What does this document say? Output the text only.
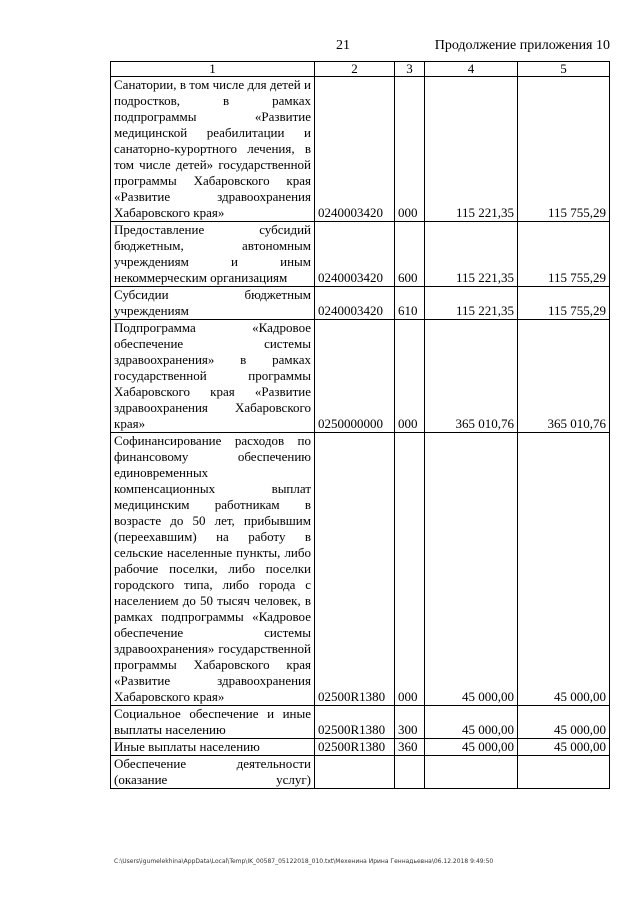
21	Продолжение приложения 10
1	2	3	4	5
Санатории, в том числе для детей и подростков, в рамках подпрограммы «Развитие медицинской реабилитации и санаторно-курортного лечения, в том числе детей» государственной программы Хабаровского края «Развитие здравоохранения Хабаровского края»	0240003420	000	115 221,35	115 755,29
Предоставление субсидий бюджетным, автономным учреждениям и иным некоммерческим организациям	0240003420	600	115 221,35	115 755,29
Субсидии бюджетным учреждениям	0240003420	610	115 221,35	115 755,29
Подпрограмма «Кадровое обеспечение системы здравоохранения» в рамках государственной программы Хабаровского края «Развитие здравоохранения Хабаровского края»	0250000000	000	365 010,76	365 010,76
Софинансирование расходов по финансовому обеспечению единовременных компенсационных выплат медицинским работникам в возрасте до 50 лет, прибывшим (переехавшим) на работу в сельские населенные пункты, либо рабочие поселки, либо поселки городского типа, либо города с населением до 50 тысяч человек, в рамках подпрограммы «Кадровое обеспечение системы здравоохранения» государственной программы Хабаровского края «Развитие здравоохранения Хабаровского края»	02500R1380	000	45 000,00	45 000,00
Социальное обеспечение и иные выплаты населению	02500R1380	300	45 000,00	45 000,00
Иные выплаты населению	02500R1380	360	45 000,00	45 000,00
Обеспечение деятельности (оказание услуг)				
C:\Users\igumelekhina\AppData\Local\Temp\IK_00587_05122018_010.txt\Мехенина Ирина Геннадьевна\06.12.2018 9:49:50
